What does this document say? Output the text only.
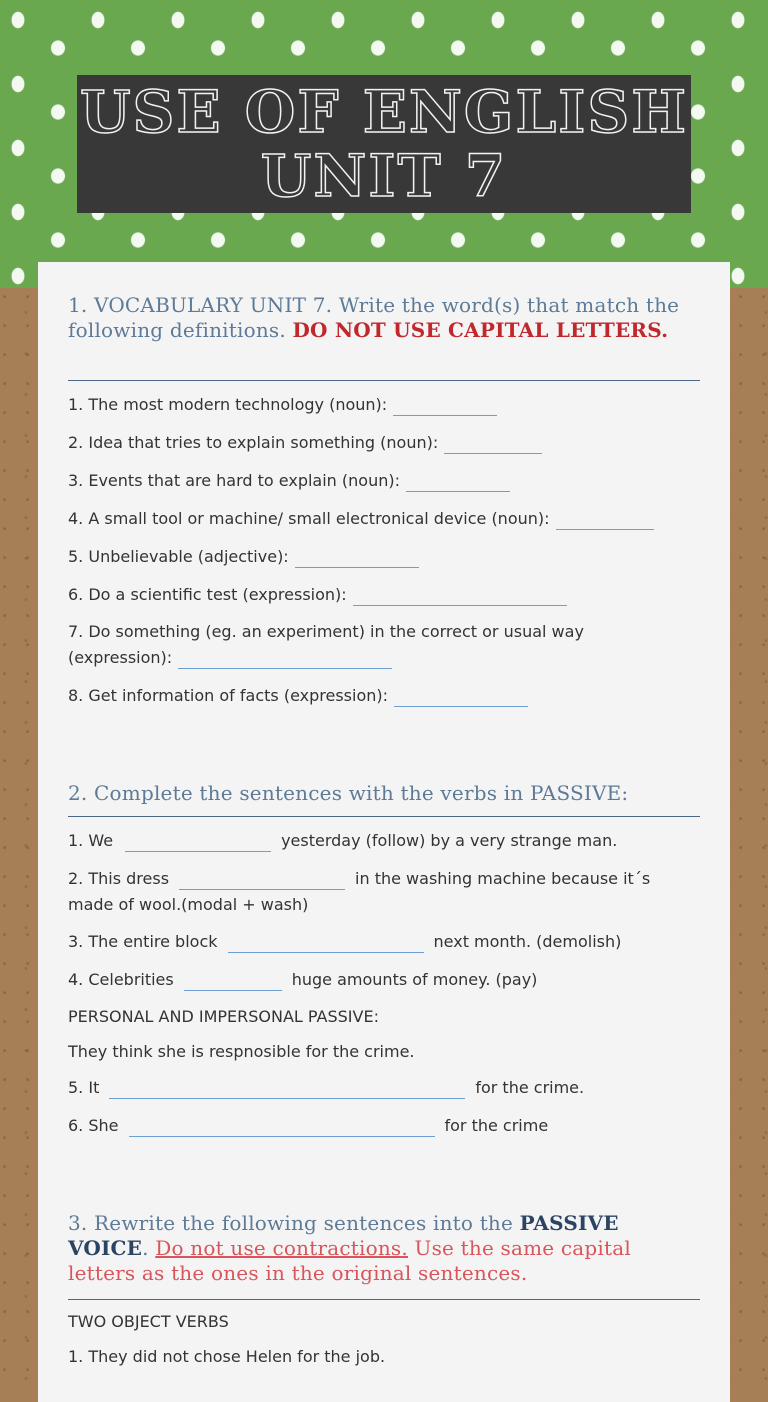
USE OF ENGLISH
UNIT 7

1. VOCABULARY UNIT 7. Write the word(s) that match the following definitions. DO NOT USE CAPITAL LETTERS.

1. The most modern technology (noun):
2. Idea that tries to explain something (noun):
3. Events that are hard to explain (noun):
4. A small tool or machine/ small electronical device (noun):
5. Unbelievable (adjective):
6. Do a scientific test (expression):
7. Do something (eg. an experiment) in the correct or usual way
(expression):
8. Get information of facts (expression):

2. Complete the sentences with the verbs in PASSIVE:

1. We	yesterday (follow) by a very strange man.
2. This dress	in the washing machine because it´s
made of wool.(modal + wash)
3. The entire block	next month. (demolish)
4. Celebrities	huge amounts of money. (pay)
PERSONAL AND IMPERSONAL PASSIVE:
They think she is respnosible for the crime.
5. It	for the crime.
6. She	for the crime

3. Rewrite the following sentences into the PASSIVE VOICE. Do not use contractions. Use the same capital letters as the ones in the original sentences.

TWO OBJECT VERBS
1. They did not chose Helen for the job.
